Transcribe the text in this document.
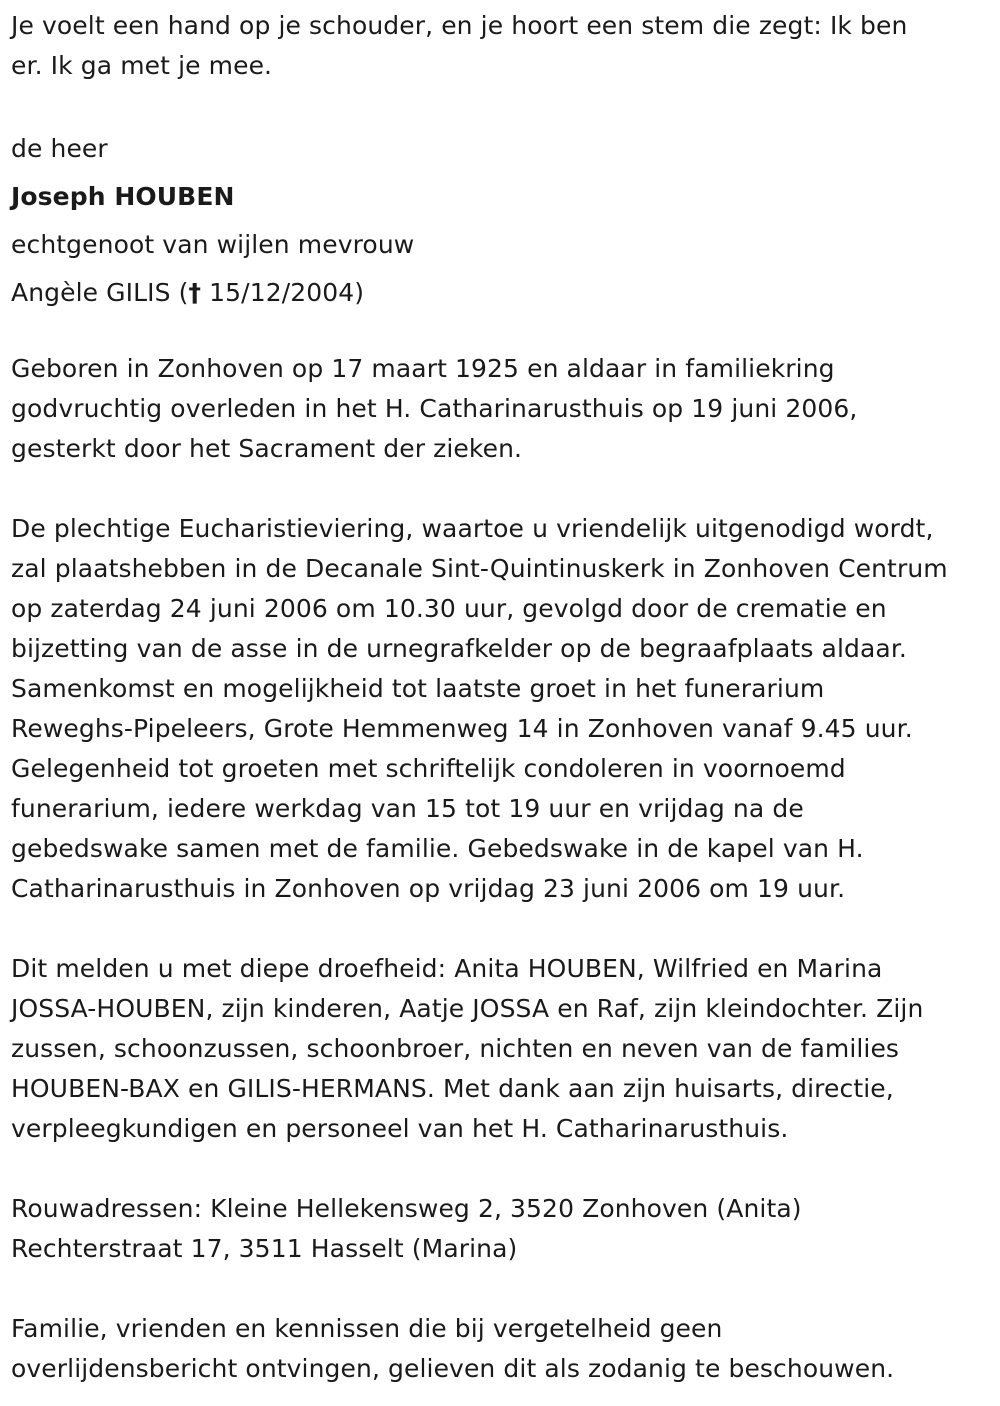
Je voelt een hand op je schouder, en je hoort een stem die zegt: Ik ben
er. Ik ga met je mee.
de heer
Joseph HOUBEN
echtgenoot van wijlen mevrouw
Angèle GILIS († 15/12/2004)
Geboren in Zonhoven op 17 maart 1925 en aldaar in familiekring
godvruchtig overleden in het H. Catharinarusthuis op 19 juni 2006,
gesterkt door het Sacrament der zieken.
De plechtige Eucharistieviering, waartoe u vriendelijk uitgenodigd wordt,
zal plaatshebben in de Decanale Sint-Quintinuskerk in Zonhoven Centrum
op zaterdag 24 juni 2006 om 10.30 uur, gevolgd door de crematie en
bijzetting van de asse in de urnegrafkelder op de begraafplaats aldaar.
Samenkomst en mogelijkheid tot laatste groet in het funerarium
Reweghs-Pipeleers, Grote Hemmenweg 14 in Zonhoven vanaf 9.45 uur.
Gelegenheid tot groeten met schriftelijk condoleren in voornoemd
funerarium, iedere werkdag van 15 tot 19 uur en vrijdag na de
gebedswake samen met de familie. Gebedswake in de kapel van H.
Catharinarusthuis in Zonhoven op vrijdag 23 juni 2006 om 19 uur.
Dit melden u met diepe droefheid: Anita HOUBEN, Wilfried en Marina
JOSSA-HOUBEN, zijn kinderen, Aatje JOSSA en Raf, zijn kleindochter. Zijn
zussen, schoonzussen, schoonbroer, nichten en neven van de families
HOUBEN-BAX en GILIS-HERMANS. Met dank aan zijn huisarts, directie,
verpleegkundigen en personeel van het H. Catharinarusthuis.
Rouwadressen: Kleine Hellekensweg 2, 3520 Zonhoven (Anita)
Rechterstraat 17, 3511 Hasselt (Marina)
Familie, vrienden en kennissen die bij vergetelheid geen
overlijdensbericht ontvingen, gelieven dit als zodanig te beschouwen.
